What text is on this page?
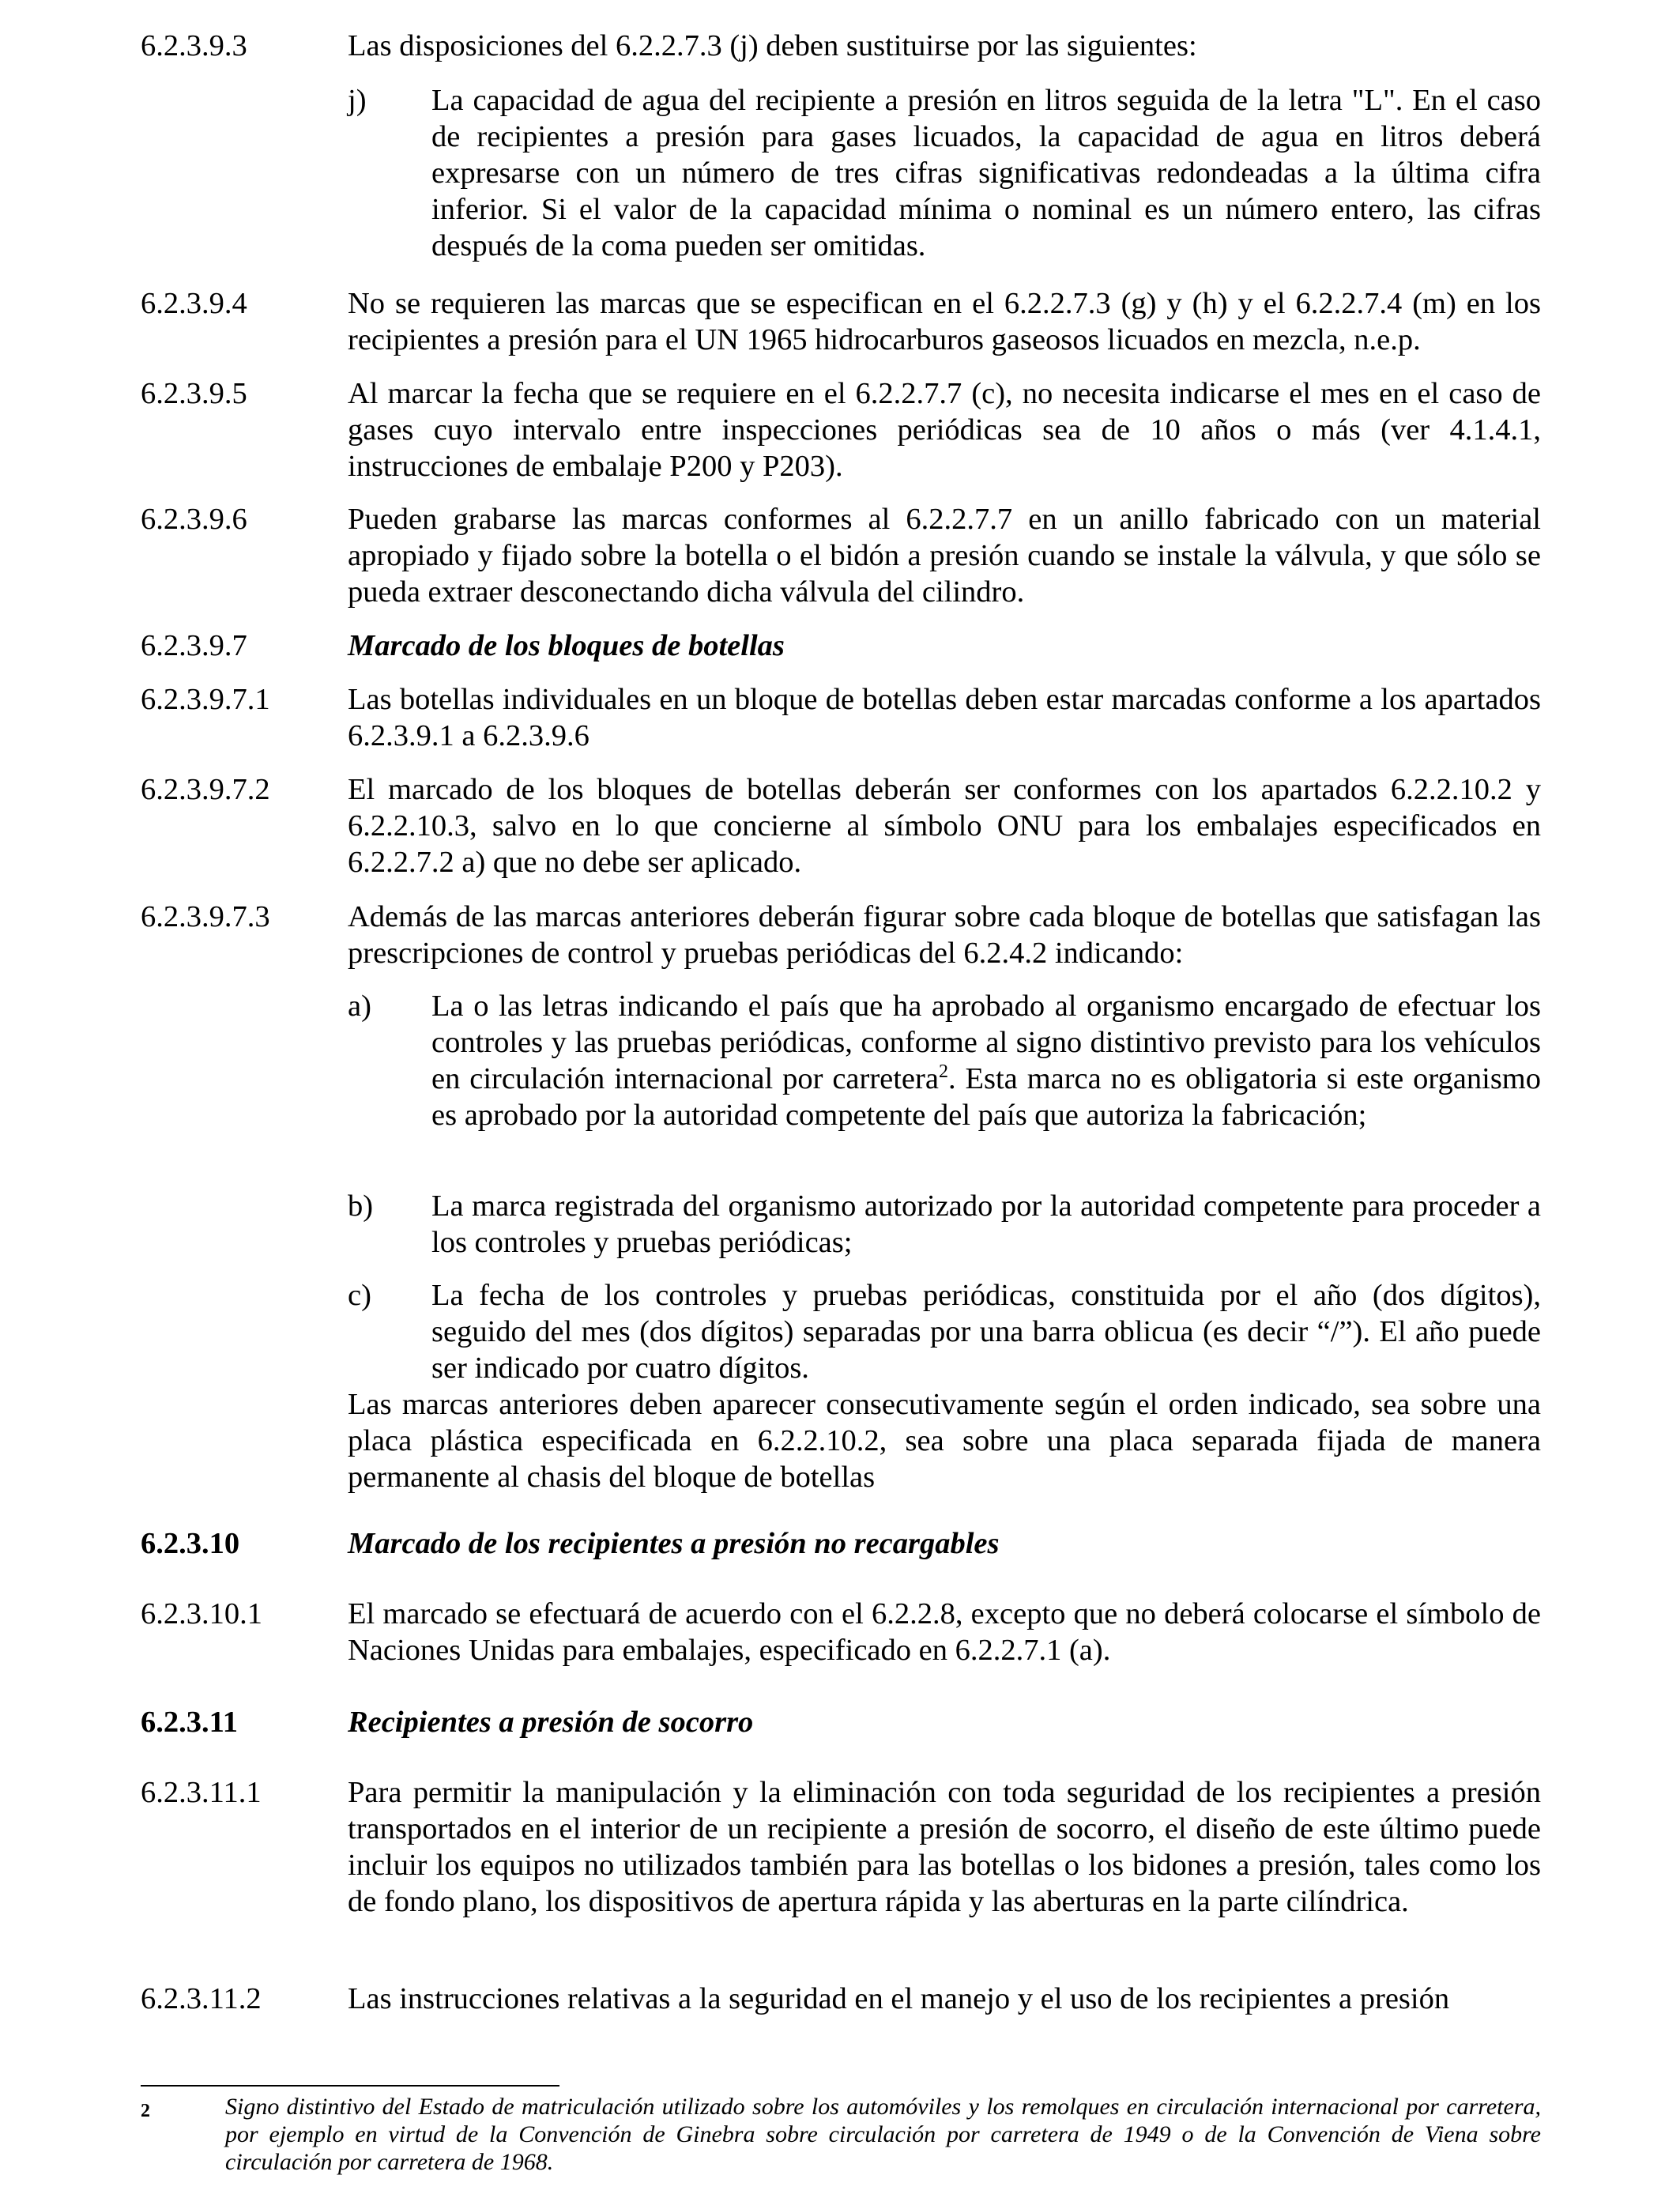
6.2.3.9.3	Las disposiciones del 6.2.2.7.3 (j) deben sustituirse por las siguientes:
j) La capacidad de agua del recipiente a presión en litros seguida de la letra "L". En el caso de recipientes a presión para gases licuados, la capacidad de agua en litros deberá expresarse con un número de tres cifras significativas redondeadas a la última cifra inferior. Si el valor de la capacidad mínima o nominal es un número entero, las cifras después de la coma pueden ser omitidas.
6.2.3.9.4	No se requieren las marcas que se especifican en el 6.2.2.7.3 (g) y (h) y el 6.2.2.7.4 (m) en los recipientes a presión para el UN 1965 hidrocarburos gaseosos licuados en mezcla, n.e.p.
6.2.3.9.5	Al marcar la fecha que se requiere en el 6.2.2.7.7 (c), no necesita indicarse el mes en el caso de gases cuyo intervalo entre inspecciones periódicas sea de 10 años o más (ver 4.1.4.1, instrucciones de embalaje P200 y P203).
6.2.3.9.6	Pueden grabarse las marcas conformes al 6.2.2.7.7 en un anillo fabricado con un material apropiado y fijado sobre la botella o el bidón a presión cuando se instale la válvula, y que sólo se pueda extraer desconectando dicha válvula del cilindro.
6.2.3.9.7	Marcado de los bloques de botellas
6.2.3.9.7.1	Las botellas individuales en un bloque de botellas deben estar marcadas conforme a los apartados 6.2.3.9.1 a 6.2.3.9.6
6.2.3.9.7.2	El marcado de los bloques de botellas deberán ser conformes con los apartados 6.2.2.10.2 y 6.2.2.10.3, salvo en lo que concierne al símbolo ONU para los embalajes especificados en 6.2.2.7.2 a) que no debe ser aplicado.
6.2.3.9.7.3	Además de las marcas anteriores deberán figurar sobre cada bloque de botellas que satisfagan las prescripciones de control y pruebas periódicas del 6.2.4.2 indicando:
a) La o las letras indicando el país que ha aprobado al organismo encargado de efectuar los controles y las pruebas periódicas, conforme al signo distintivo previsto para los vehículos en circulación internacional por carretera$^2$. Esta marca no es obligatoria si este organismo es aprobado por la autoridad competente del país que autoriza la fabricación;
b) La marca registrada del organismo autorizado por la autoridad competente para proceder a los controles y pruebas periódicas;
c) La fecha de los controles y pruebas periódicas, constituida por el año (dos dígitos), seguido del mes (dos dígitos) separadas por una barra oblicua (es decir “/”). El año puede ser indicado por cuatro dígitos.
Las marcas anteriores deben aparecer consecutivamente según el orden indicado, sea sobre una placa plástica especificada en 6.2.2.10.2, sea sobre una placa separada fijada de manera permanente al chasis del bloque de botellas
6.2.3.10	Marcado de los recipientes a presión no recargables
6.2.3.10.1	El marcado se efectuará de acuerdo con el 6.2.2.8, excepto que no deberá colocarse el símbolo de Naciones Unidas para embalajes, especificado en 6.2.2.7.1 (a).
6.2.3.11	Recipientes a presión de socorro
6.2.3.11.1	Para permitir la manipulación y la eliminación con toda seguridad de los recipientes a presión transportados en el interior de un recipiente a presión de socorro, el diseño de este último puede incluir los equipos no utilizados también para las botellas o los bidones a presión, tales como los de fondo plano, los dispositivos de apertura rápida y las aberturas en la parte cilíndrica.
6.2.3.11.2	Las instrucciones relativas a la seguridad en el manejo y el uso de los recipientes a presión
2	Signo distintivo del Estado de matriculación utilizado sobre los automóviles y los remolques en circulación internacional por carretera, por ejemplo en virtud de la Convención de Ginebra sobre circulación por carretera de 1949 o de la Convención de Viena sobre circulación por carretera de 1968.
